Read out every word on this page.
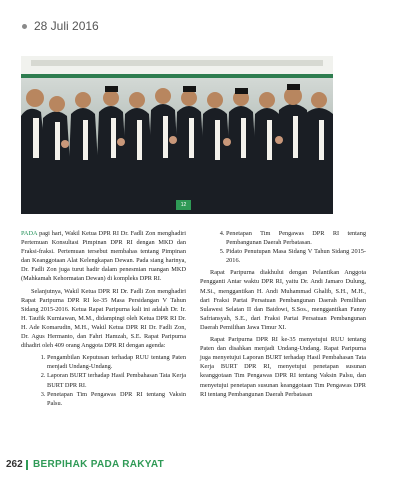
28 Juli 2016
12

PADA pagi hari, Wakil Ketua DPR RI Dr. Fadli Zon menghadiri Pertemuan Konsultasi Pimpinan DPR RI dengan MKD dan Fraksi-fraksi. Pertemuan tersebut membahas tentang Pimpinan dan Keanggotaan Alat Kelengkapan Dewan. Pada siang harinya, Dr. Fadli Zon juga turut hadir dalam penesmian ruangan MKD (Mahkamah Kehormatan Dewan) di kompleks DPR RI.

Selanjutnya, Wakil Ketua DPR RI Dr. Fadli Zon menghadiri Rapat Paripurna DPR RI ke-35 Masa Persidangan V Tahun Sidang 2015-2016. Ketua Rapat Paripurna kali ini adalah Dr. Ir. H. Taufik Kurniawan, M.M., didampingi oleh Ketua DPR RI Dr. H. Ade Komarudin, M.H., Wakil Ketua DPR RI Dr. Fadli Zon, Dr. Agus Hermanto, dan Fahri Hamzah, S.E. Rapat Paripurna dihadiri oleh 409 orang Anggota DPR RI dengan agenda:

1. Pengambilan Keputusan terhadap RUU tentang Paten menjadi Undang-Undang.
2. Laporan BURT terhadap Hasil Pembahasan Tata Kerja BURT DPR RI.
3. Penetapan Tim Pengawas DPR RI tentang Vaksin Palsu.
4. Penetapan Tim Pengawas DPR RI tentang Pembangunan Daerah Perbatasan.
5. Pidato Penutupan Masa Sidang V Tahun Sidang 2015-2016.

Rapat Paripurna diakhului dengan Pelantikan Anggota Pengganti Antar waktu DPR RI, yaitu Dr. Andi Jamaro Dulung, M.Si., menggantikan H. Andi Muhammad Ghalib, S.H., M.H., dari Fraksi Partai Persatuan Pembangunan Daerah Pemilihan Sulawesi Selatan II dan Baidowi, S.Sos., menggantikan Fanny Safriansyah, S.E., dari Fraksi Partai Persatuan Pembangunan Daerah Pemilihan Jawa Timur XI.

Rapat Paripurna DPR RI ke-35 menyetujui RUU tentang Paten dan disahkan menjadi Undang-Undang. Rapat Paripurna juga menyetujui Laporan BURT terhadap Hasil Pembahasan Tata Kerja BURT DPR RI, menyetujui penetapan susunan keanggotaan Tim Pengawas DPR RI tentang Vaksin Palsu, dan menyetujui penetapan susunan keanggotaan Tim Pengawas DPR RI tentang Pembangunan Daerah Perbatasan

262 BERPIHAK PADA RAKYAT
